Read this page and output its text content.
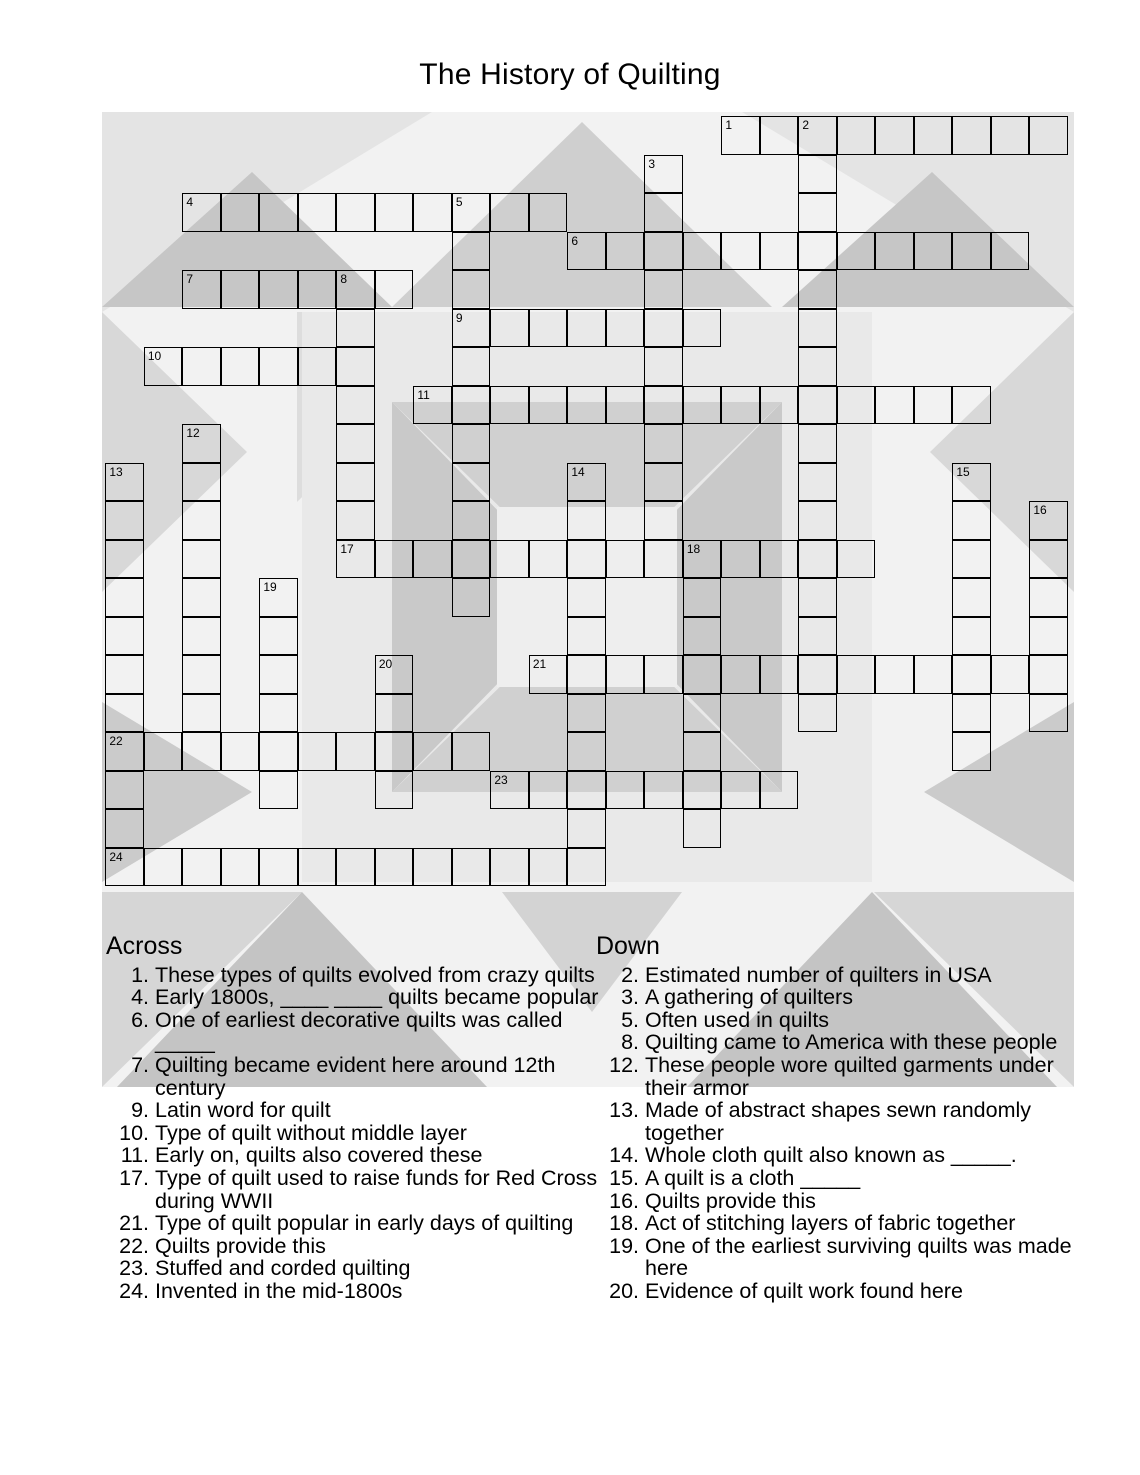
The History of Quilting
1	2
4	5
6
7	8
9
10
11
17	18
21
22
23
24
3
12
13	14	15
16
19
20
Across
1. These types of quilts evolved from crazy quilts
4. Early 1800s, ____ ____ quilts became popular
6. One of earliest decorative quilts was called _____
7. Quilting became evident here around 12th century
9. Latin word for quilt
10. Type of quilt without middle layer
11. Early on, quilts also covered these
17. Type of quilt used to raise funds for Red Cross during WWII
21. Type of quilt popular in early days of quilting
22. Quilts provide this
23. Stuffed and corded quilting
24. Invented in the mid-1800s
Down
2. Estimated number of quilters in USA
3. A gathering of quilters
5. Often used in quilts
8. Quilting came to America with these people
12. These people wore quilted garments under their armor
13. Made of abstract shapes sewn randomly together
14. Whole cloth quilt also known as _____.
15. A quilt is a cloth _____
16. Quilts provide this
18. Act of stitching layers of fabric together
19. One of the earliest surviving quilts was made here
20. Evidence of quilt work found here
